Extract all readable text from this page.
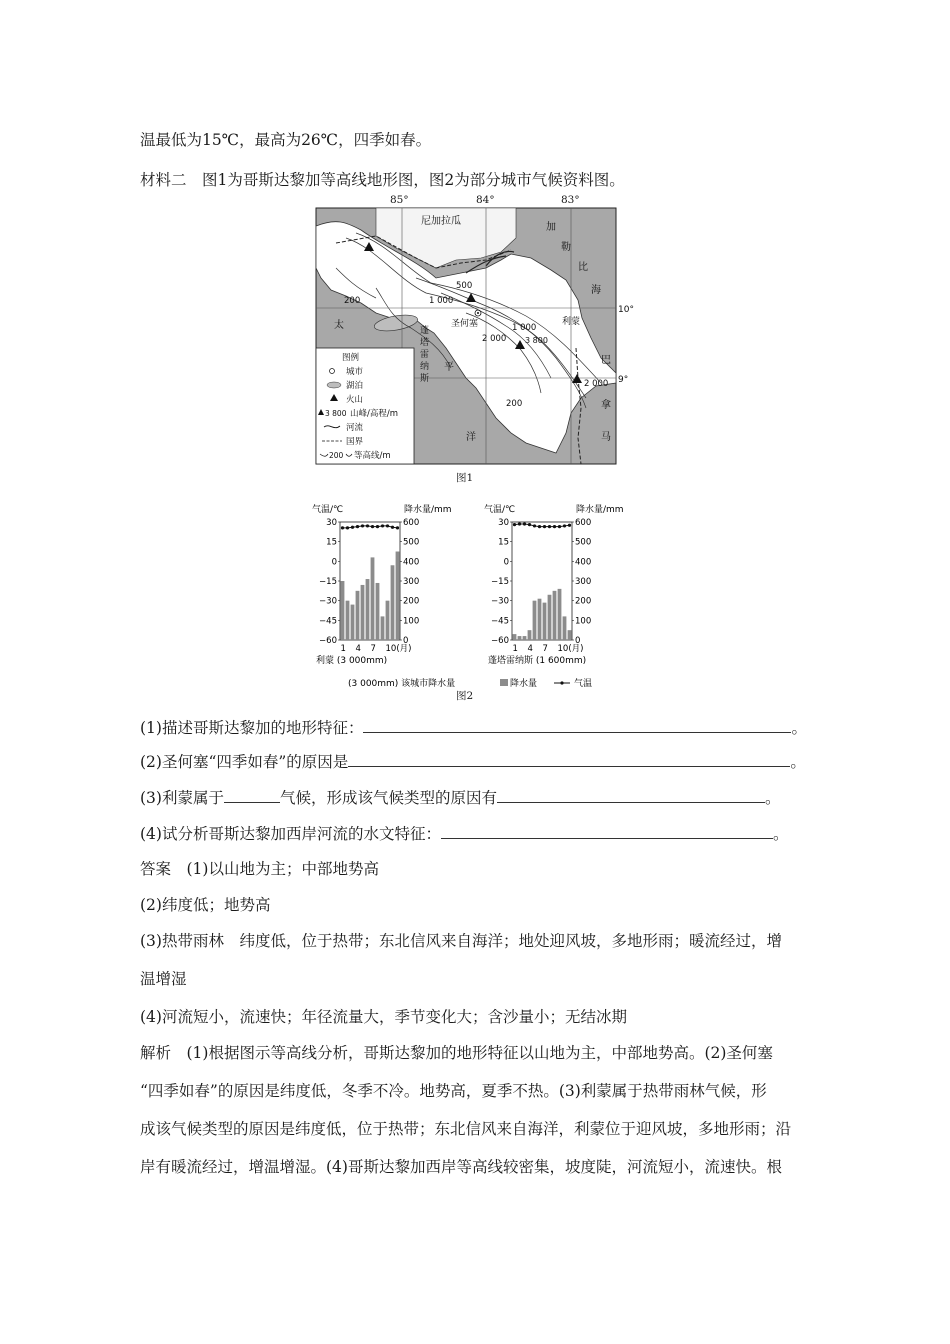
温最低为15℃，最高为26℃，四季如春。
材料二　图1为哥斯达黎加等高线地形图，图2为部分城市气候资料图。
尼加拉瓜
加
勒
比
海
太
平
洋
巴
拿
马
圣何塞	利蒙
蓬
塔
雷
纳
斯
3 800
200
500
1 000
2 000
1 000
2 000
200
10°
9°
图例
城市
湖泊
火山
3 800 山峰/高程/m
河流
国界
200 等高线/m
85°	84°	83°
图1
气温/℃	降水量/mm
30
15
0
−15
−30
−45
−60
600
500
400
300
200
100
0
1 4 7 10(月)
利蒙 (3 000mm)
气温/℃	降水量/mm
30
15
0
−15
−30
−45
−60
600
500
400
300
200
100
0
1 4 7 10(月)
蓬塔雷纳斯 (1 600mm)
(3 000mm) 该城市降水量	降水量	气温
图2
(1)描述哥斯达黎加的地形特征：	。
(2)圣何塞“四季如春”的原因是	。
(3)利蒙属于	气候，形成该气候类型的原因有	。
(4)试分析哥斯达黎加西岸河流的水文特征：	。
答案　(1)以山地为主；中部地势高
(2)纬度低；地势高
(3)热带雨林　纬度低，位于热带；东北信风来自海洋；地处迎风坡，多地形雨；暖流经过，增
温增湿
(4)河流短小，流速快；年径流量大，季节变化大；含沙量小；无结冰期
解析　(1)根据图示等高线分析，哥斯达黎加的地形特征以山地为主，中部地势高。(2)圣何塞
“四季如春”的原因是纬度低，冬季不冷。地势高，夏季不热。(3)利蒙属于热带雨林气候，形
成该气候类型的原因是纬度低，位于热带；东北信风来自海洋，利蒙位于迎风坡，多地形雨；沿
岸有暖流经过，增温增湿。(4)哥斯达黎加西岸等高线较密集，坡度陡，河流短小，流速快。根
